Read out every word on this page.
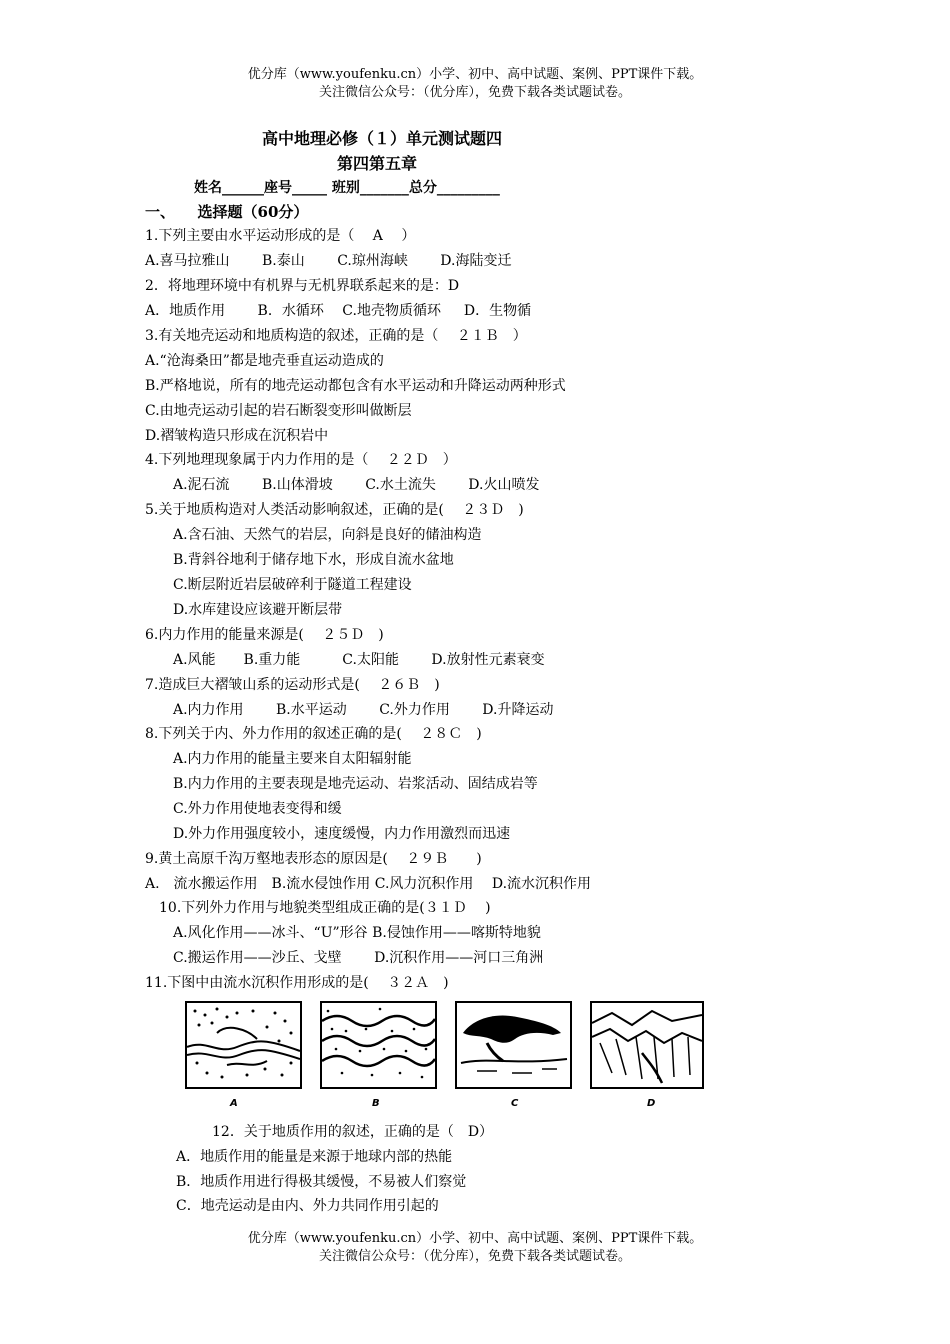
优分库（www.youfenku.cn）小学、初中、高中试题、案例、PPT课件下载。
关注微信公众号：（优分库），免费下载各类试题试卷。
高中地理必修（１）单元测试题四
第四第五章
姓名______座号_____ 班别_______总分_________
一、　　选择题（60分）
1.下列主要由水平运动形成的是（　 A　 ）
A.喜马拉雅山 　　B.泰山 　　C.琼州海峡　　 D.海陆变迁
2．将地理环境中有机界与无机界联系起来的是：D
A．地质作用 　　B．水循环 　C.地壳物质循环 　 D．生物循
3.有关地壳运动和地质构造的叙述，正确的是（　 ２１Ｂ　）
A.“沧海桑田”都是地壳垂直运动造成的
B.严格地说，所有的地壳运动都包含有水平运动和升降运动两种形式
C.由地壳运动引起的岩石断裂变形叫做断层
D.褶皱构造只形成在沉积岩中
4.下列地理现象属于内力作用的是（　 ２２Ｄ　）
　　A.泥石流　　 B.山体滑坡　　 C.水土流失　　 D.火山喷发
5.关于地质构造对人类活动影响叙述，正确的是(　 ２３Ｄ　)
　　A.含石油、天然气的岩层，向斜是良好的储油构造
　　B.背斜谷地利于储存地下水，形成自流水盆地
　　C.断层附近岩层破碎利于隧道工程建设
　　D.水库建设应该避开断层带
6.内力作用的能量来源是(　 ２５Ｄ　)
　　A.风能　　B.重力能　　　C.太阳能　　 D.放射性元素衰变
7.造成巨大褶皱山系的运动形式是(　 ２６Ｂ　)
　　A.内力作用　　 B.水平运动　　 C.外力作用　　 D.升降运动
8.下列关于内、外力作用的叙述正确的是(　 ２８Ｃ　)
　　A.内力作用的能量主要来自太阳辐射能
　　B.内力作用的主要表现是地壳运动、岩浆活动、固结成岩等
　　C.外力作用使地表变得和缓
　　D.外力作用强度较小，速度缓慢，内力作用激烈而迅速
9.黄土高原千沟万壑地表形态的原因是(　 ２９Ｂ　　)
A.　流水搬运作用　B.流水侵蚀作用 C.风力沉积作用　 D.流水沉积作用
　10.下列外力作用与地貌类型组成正确的是(３１Ｄ　 )
　　A.风化作用——冰斗、“U”形谷 B.侵蚀作用——喀斯特地貌
　　C.搬运作用——沙丘、戈壁　　 D.沉积作用——河口三角洲
11.下图中由流水沉积作用形成的是(　 ３２Ａ　)
A	B	C	D
12．关于地质作用的叙述，正确的是（　D）
A．地质作用的能量是来源于地球内部的热能
B．地质作用进行得极其缓慢，不易被人们察觉
C．地壳运动是由内、外力共同作用引起的
优分库（www.youfenku.cn）小学、初中、高中试题、案例、PPT课件下载。
关注微信公众号：（优分库），免费下载各类试题试卷。
